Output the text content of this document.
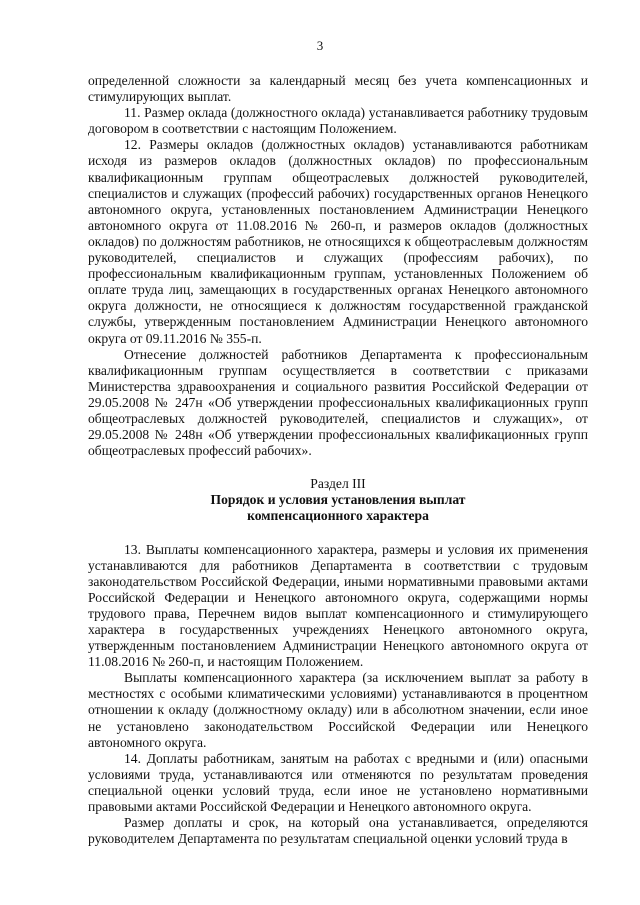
3

определенной сложности за календарный месяц без учета компенсационных и стимулирующих выплат.

11. Размер оклада (должностного оклада) устанавливается работнику трудовым договором в соответствии с настоящим Положением.

12. Размеры окладов (должностных окладов) устанавливаются работникам исходя из размеров окладов (должностных окладов) по профессиональным квалификационным группам общеотраслевых должностей руководителей, специалистов и служащих (профессий рабочих) государственных органов Ненецкого автономного округа, установленных постановлением Администрации Ненецкого автономного округа от 11.08.2016 № 260-п, и размеров окладов (должностных окладов) по должностям работников, не относящихся к общеотраслевым должностям руководителей, специалистов и служащих (профессиям рабочих), по профессиональным квалификационным группам, установленных Положением об оплате труда лиц, замещающих в государственных органах Ненецкого автономного округа должности, не относящиеся к должностям государственной гражданской службы, утвержденным постановлением Администрации Ненецкого автономного округа от 09.11.2016 № 355-п.

Отнесение должностей работников Департамента к профессиональным квалификационным группам осуществляется в соответствии с приказами Министерства здравоохранения и социального развития Российской Федерации от 29.05.2008 № 247н «Об утверждении профессиональных квалификационных групп общеотраслевых должностей руководителей, специалистов и служащих», от 29.05.2008 № 248н «Об утверждении профессиональных квалификационных групп общеотраслевых профессий рабочих».

Раздел III

Порядок и условия установления выплат

компенсационного характера

13. Выплаты компенсационного характера, размеры и условия их применения устанавливаются для работников Департамента в соответствии с трудовым законодательством Российской Федерации, иными нормативными правовыми актами Российской Федерации и Ненецкого автономного округа, содержащими нормы трудового права, Перечнем видов выплат компенсационного и стимулирующего характера в государственных учреждениях Ненецкого автономного округа, утвержденным постановлением Администрации Ненецкого автономного округа от 11.08.2016 № 260-п, и настоящим Положением.

Выплаты компенсационного характера (за исключением выплат за работу в местностях с особыми климатическими условиями) устанавливаются в процентном отношении к окладу (должностному окладу) или в абсолютном значении, если иное не установлено законодательством Российской Федерации или Ненецкого автономного округа.

14. Доплаты работникам, занятым на работах с вредными и (или) опасными условиями труда, устанавливаются или отменяются по результатам проведения специальной оценки условий труда, если иное не установлено нормативными правовыми актами Российской Федерации и Ненецкого автономного округа.

Размер доплаты и срок, на который она устанавливается, определяются руководителем Департамента по результатам специальной оценки условий труда в
